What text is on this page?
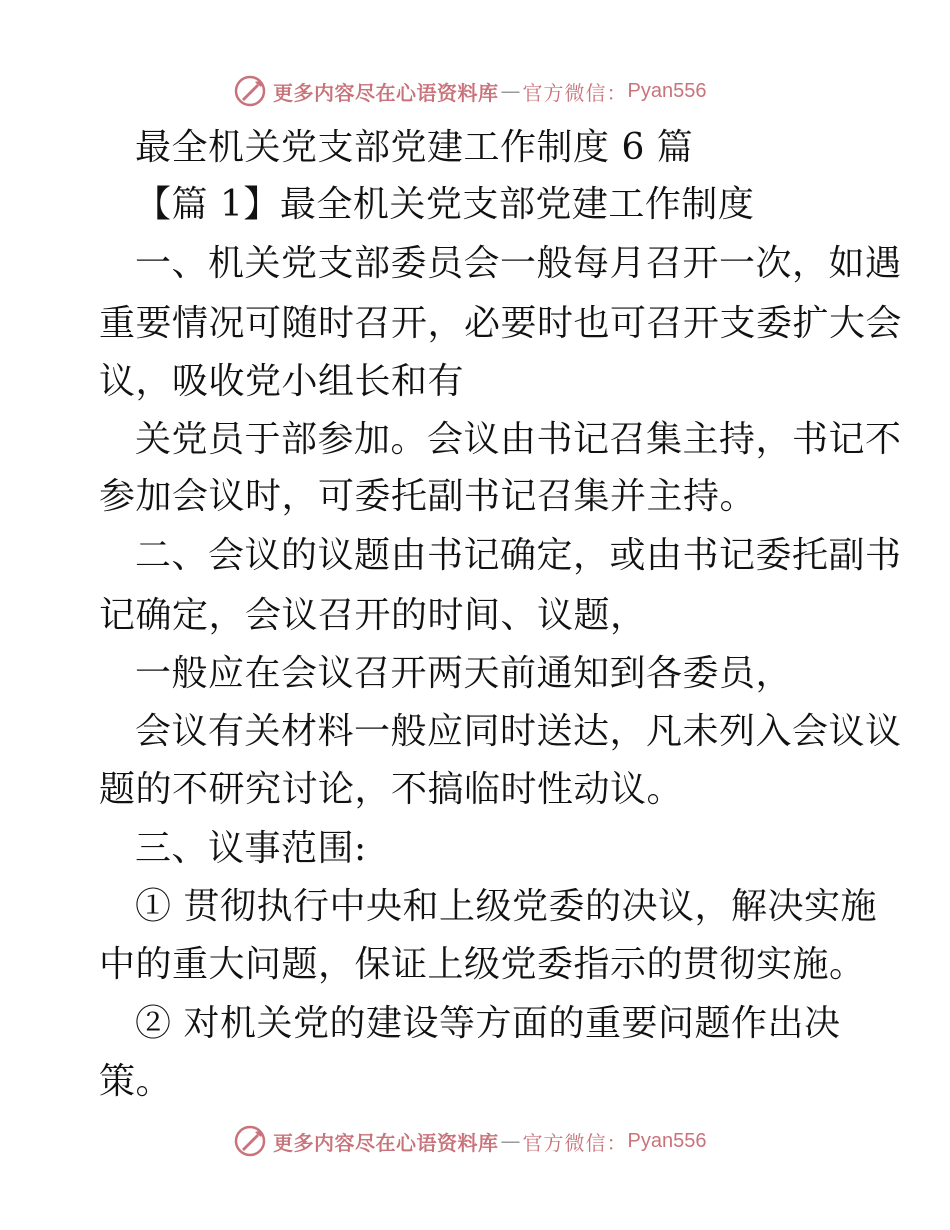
更多内容尽在心语资料库 — 官方微信： Pyan556
最全机关党支部党建工作制度 6 篇
【篇 1】最全机关党支部党建工作制度
一、机关党支部委员会一般每月召开一次，如遇
重要情况可随时召开，必要时也可召开支委扩大会
议，吸收党小组长和有
关党员于部参加。会议由书记召集主持，书记不
参加会议时，可委托副书记召集并主持。
二、会议的议题由书记确定，或由书记委托副书
记确定，会议召开的时间、议题，
一般应在会议召开两天前通知到各委员，
会议有关材料一般应同时送达，凡未列入会议议
题的不研究讨论，不搞临时性动议。
三、议事范围:
① 贯彻执行中央和上级党委的决议，解决实施
中的重大问题，保证上级党委指示的贯彻实施。
② 对机关党的建设等方面的重要问题作出决
策。
更多内容尽在心语资料库 — 官方微信： Pyan556
